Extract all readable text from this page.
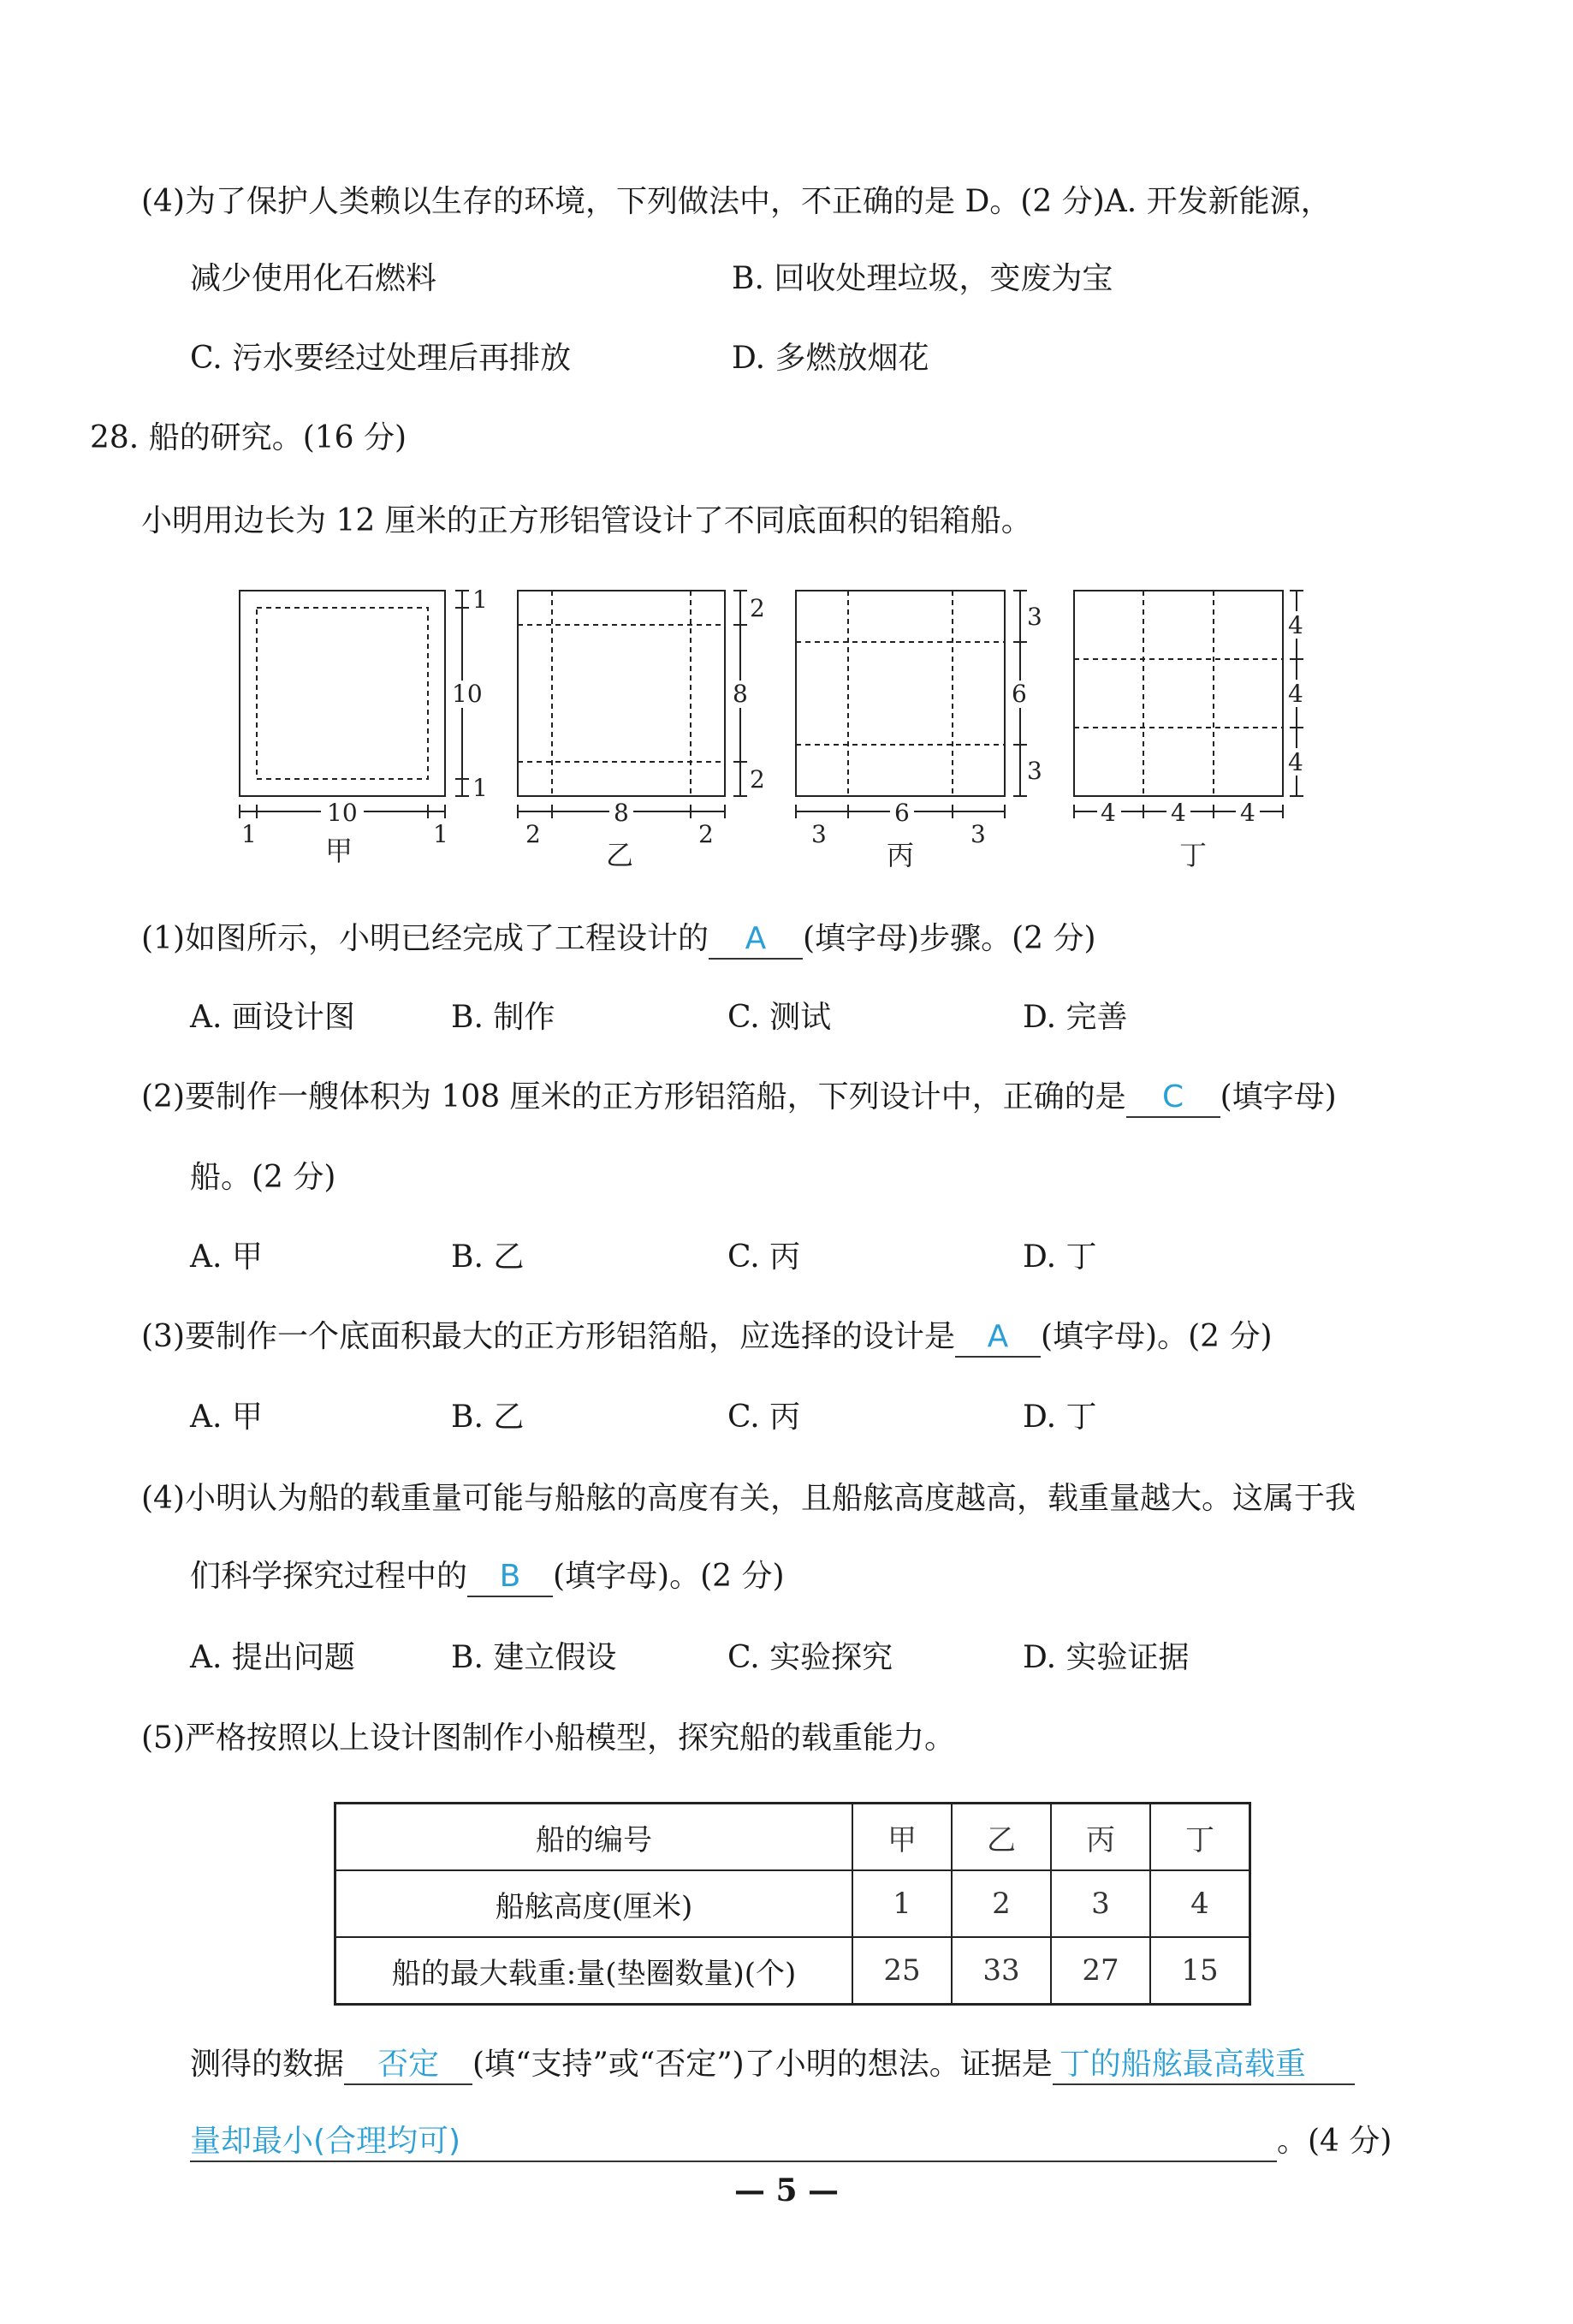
(4)为了保护人类赖以生存的环境，下列做法中，不正确的是 D。(2 分)A. 开发新能源，
减少使用化石燃料	B. 回收处理垃圾，变废为宝
C. 污水要经过处理后再排放	D. 多燃放烟花
28. 船的研究。(16 分)
小明用边长为 12 厘米的正方形铝管设计了不同底面积的铝箱船。
1
10
1
1
10
1
2
8
2
2
8
2
3
6
3
3
6
3
4
4
4
4 4 4
甲	乙	丙	丁
(1)如图所示，小明已经完成了工程设计的 A (填字母)步骤。(2 分)
A. 画设计图	B. 制作	C. 测试	D. 完善
(2)要制作一艘体积为 108 厘米的正方形铝箔船，下列设计中，正确的是 C (填字母)
船。(2 分)
A. 甲	B. 乙	C. 丙	D. 丁
(3)要制作一个底面积最大的正方形铝箔船，应选择的设计是 A (填字母)。(2 分)
A. 甲	B. 乙	C. 丙	D. 丁
(4)小明认为船的载重量可能与船舷的高度有关，且船舷高度越高，载重量越大。这属于我
们科学探究过程中的 B (填字母)。(2 分)
A. 提出问题	B. 建立假设	C. 实验探究	D. 实验证据
(5)严格按照以上设计图制作小船模型，探究船的载重能力。
船的编号	甲	乙	丙	丁
船舷高度(厘米)	1	2	3	4
船的最大载重:量(垫圈数量)(个)	25	33	27	15
测得的数据 否定 (填“支持”或“否定”)了小明的想法。证据是 丁的船舷最高载重
量却最小(合理均可)	。(4 分)
— 5 —
